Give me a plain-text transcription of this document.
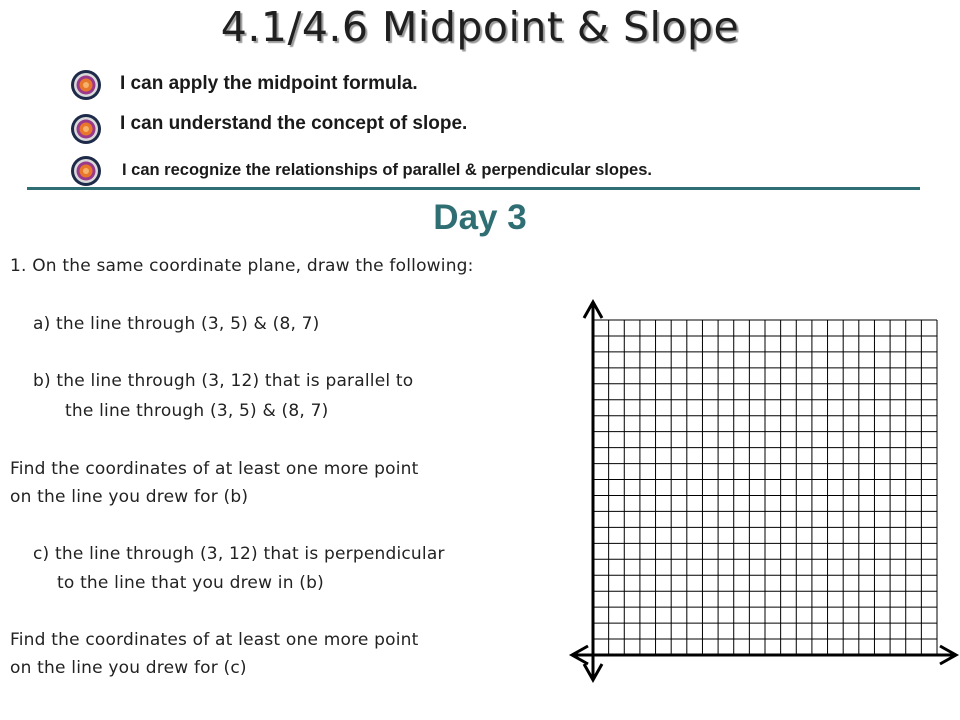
4.1/4.6 Midpoint & Slope
I can apply the midpoint formula.
I can understand the concept of slope.
I can recognize the relationships of parallel & perpendicular slopes.
Day 3
1. On the same coordinate plane, draw the following:
a) the line through (3, 5) & (8, 7)
b) the line through (3, 12) that is parallel to
the line through (3, 5) & (8, 7)
Find the coordinates of at least one more point
on the line you drew for (b)
c) the line through (3, 12) that is perpendicular
to the line that you drew in (b)
Find the coordinates of at least one more point
on the line you drew for (c)
